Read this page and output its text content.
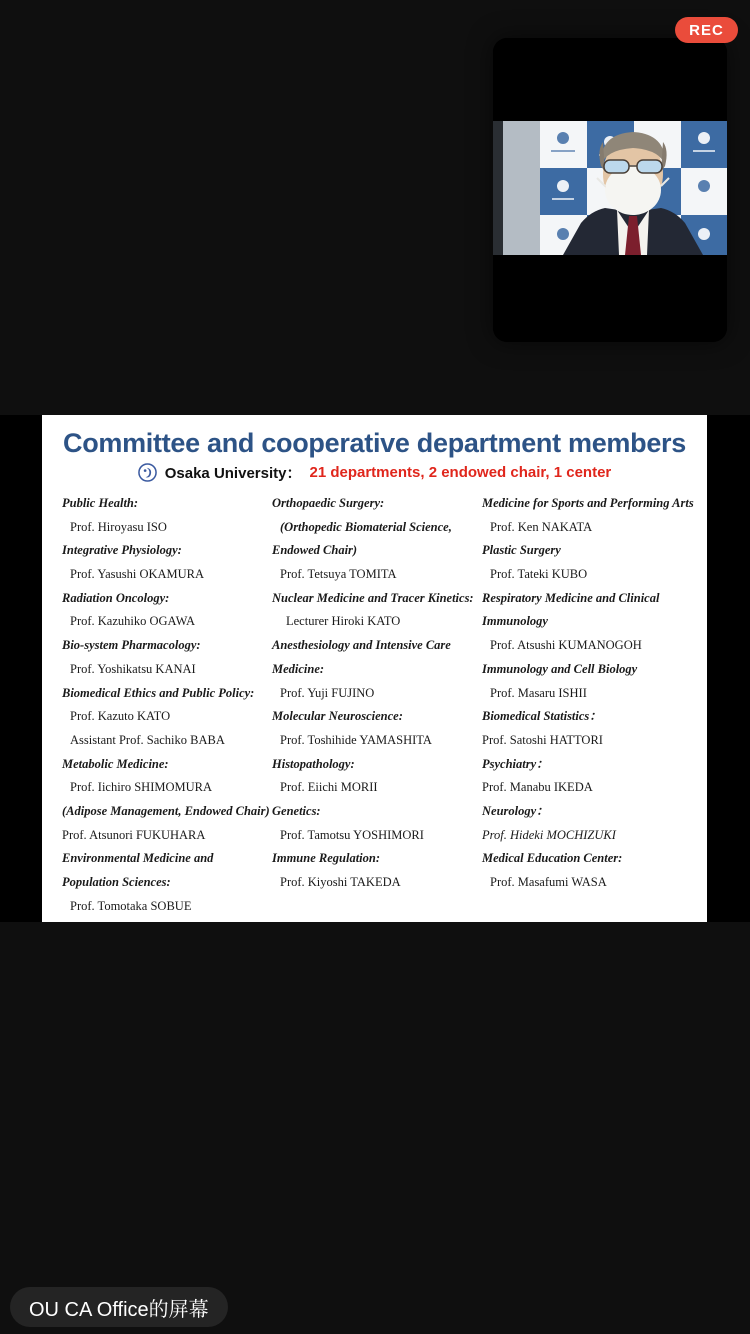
REC
Committee and cooperative department members
Osaka University： 21 departments, 2 endowed chair, 1 center
Public Health:
Prof. Hiroyasu ISO
Integrative Physiology:
Prof. Yasushi OKAMURA
Radiation Oncology:
Prof. Kazuhiko OGAWA
Bio-system Pharmacology:
Prof. Yoshikatsu KANAI
Biomedical Ethics and Public Policy:
Prof. Kazuto KATO
Assistant Prof. Sachiko BABA
Metabolic Medicine:
Prof. Iichiro SHIMOMURA
(Adipose Management, Endowed Chair)
Prof. Atsunori FUKUHARA
Environmental Medicine and
Population Sciences:
Prof. Tomotaka SOBUE
Orthopaedic Surgery:
(Orthopedic Biomaterial Science,
Endowed Chair)
Prof. Tetsuya TOMITA
Nuclear Medicine and Tracer Kinetics:
Lecturer Hiroki KATO
Anesthesiology and Intensive Care
Medicine:
Prof. Yuji FUJINO
Molecular Neuroscience:
Prof. Toshihide YAMASHITA
Histopathology:
Prof. Eiichi MORII
Genetics:
Prof. Tamotsu YOSHIMORI
Immune Regulation:
Prof. Kiyoshi TAKEDA
Medicine for Sports and Performing Arts
Prof. Ken NAKATA
Plastic Surgery
Prof. Tateki KUBO
Respiratory Medicine and Clinical
Immunology
Prof. Atsushi KUMANOGOH
Immunology and Cell Biology
Prof. Masaru ISHII
Biomedical Statistics：
Prof. Satoshi HATTORI
Psychiatry：
Prof. Manabu IKEDA
Neurology：
Prof. Hideki MOCHIZUKI
Medical Education Center:
Prof. Masafumi WASA
OU CA Office的屏幕
